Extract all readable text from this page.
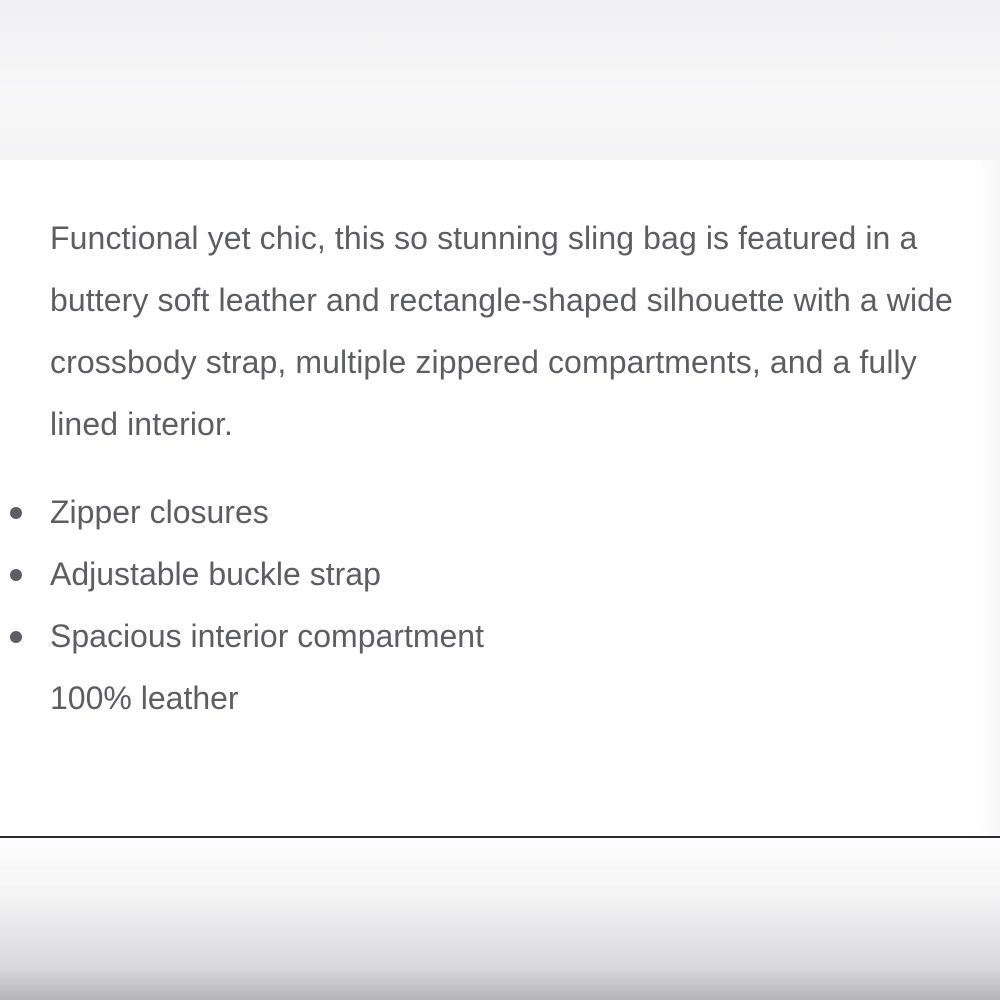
Functional yet chic, this so stunning sling bag is featured in a buttery soft leather and rectangle-shaped silhouette with a wide crossbody strap, multiple zippered compartments, and a fully lined interior.

Zipper closures
Adjustable buckle strap
Spacious interior compartment

100% leather
